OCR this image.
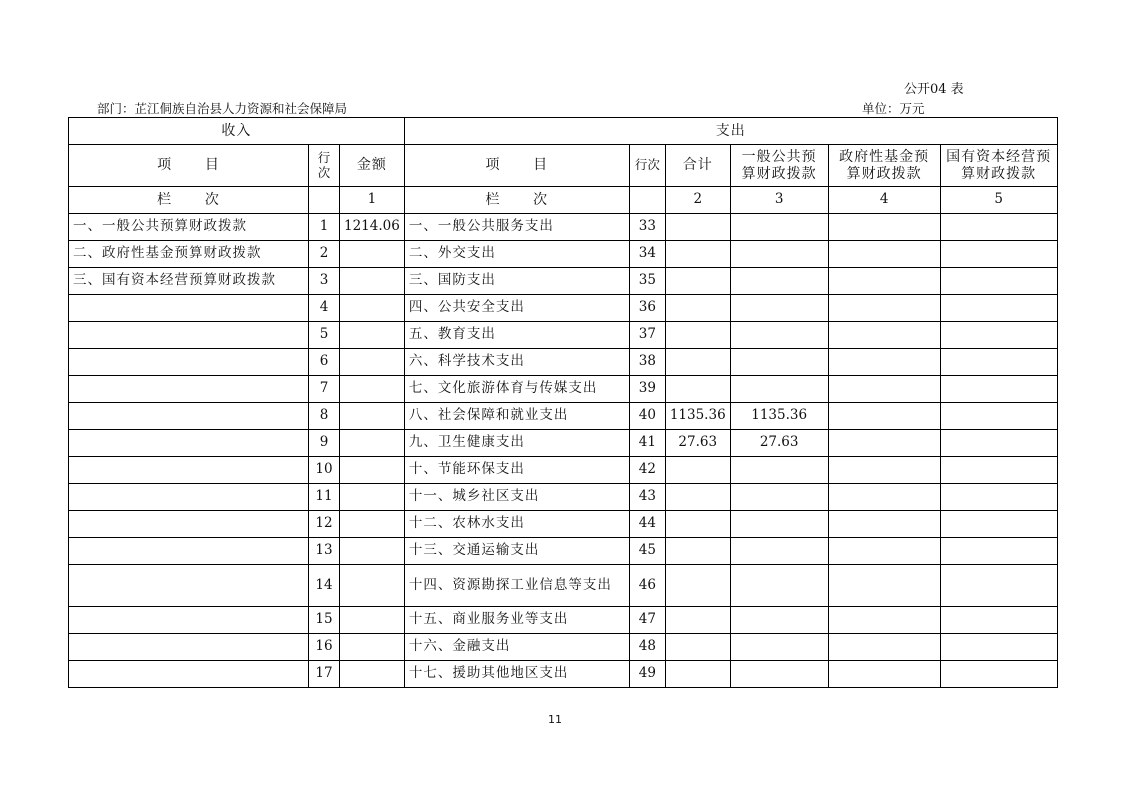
公开04 表
部门：芷江侗族自治县人力资源和社会保障局	单位：万元
收入			支出					
项      目	行次	金额	项      目	行次	合计	一般公共预算财政拨款	政府性基金预算财政拨款	国有资本经营预算财政拨款
栏      次		1	栏      次		2	3	4	5
一、一般公共预算财政拨款	1	1214.06	一、一般公共服务支出	33				
二、政府性基金预算财政拨款	2		二、外交支出	34				
三、国有资本经营预算财政拨款	3		三、国防支出	35				
	4		四、公共安全支出	36				
	5		五、教育支出	37				
	6		六、科学技术支出	38				
	7		七、文化旅游体育与传媒支出	39				
	8		八、社会保障和就业支出	40	1135.36	1135.36		
	9		九、卫生健康支出	41	27.63	27.63		
	10		十、节能环保支出	42				
	11		十一、城乡社区支出	43				
	12		十二、农林水支出	44				
	13		十三、交通运输支出	45				
	14		十四、资源勘探工业信息等支出	46				
	15		十五、商业服务业等支出	47				
	16		十六、金融支出	48				
	17		十七、援助其他地区支出	49				
11
